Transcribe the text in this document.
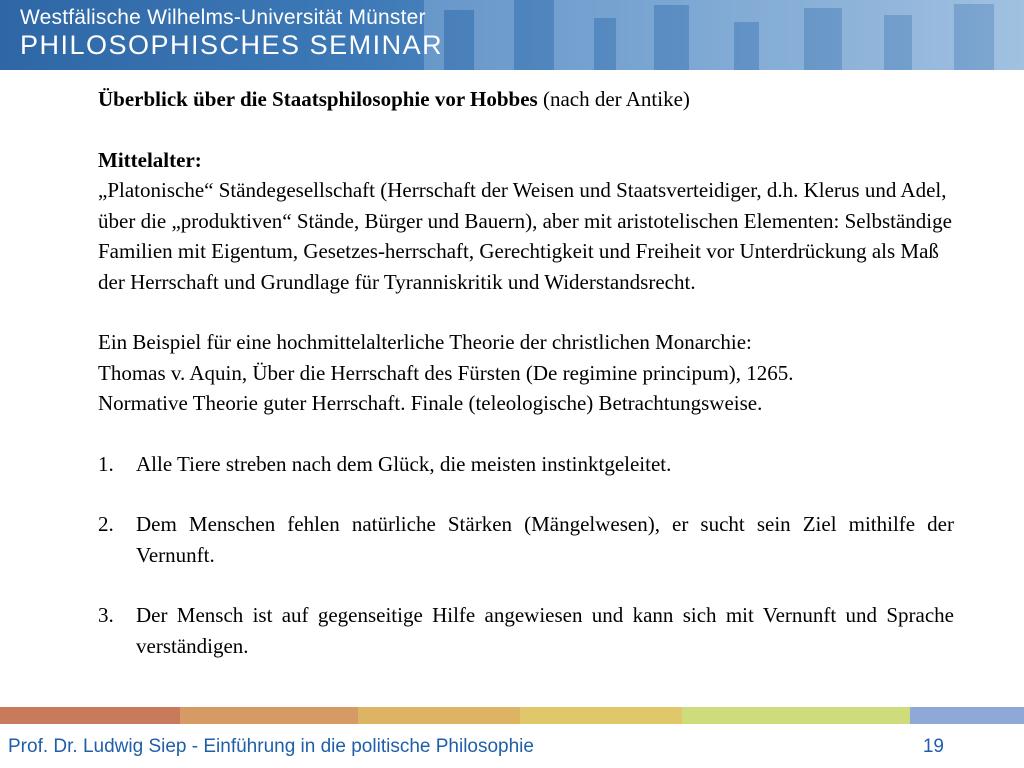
Westfälische Wilhelms-Universität Münster
PHILOSOPHISCHES SEMINAR

Überblick über die Staatsphilosophie vor Hobbes (nach der Antike)

Mittelalter:

„Platonische“ Ständegesellschaft (Herrschaft der Weisen und Staatsverteidiger, d.h. Klerus und Adel, über die „produktiven“ Stände, Bürger und Bauern), aber mit aristotelischen Elementen: Selbständige Familien mit Eigentum, Gesetzes-herrschaft, Gerechtigkeit und Freiheit vor Unterdrückung als Maß der Herrschaft und Grundlage für Tyranniskritik und Widerstandsrecht.

Ein Beispiel für eine hochmittelalterliche Theorie der christlichen Monarchie:

Thomas v. Aquin, Über die Herrschaft des Fürsten (De regimine principum), 1265.

Normative Theorie guter Herrschaft. Finale (teleologische) Betrachtungsweise.

1.	Alle Tiere streben nach dem Glück, die meisten instinktgeleitet.
2.	Dem Menschen fehlen natürliche Stärken (Mängelwesen), er sucht sein Ziel mithilfe der Vernunft.
3.	Der Mensch ist auf gegenseitige Hilfe angewiesen und kann sich mit Vernunft und Sprache verständigen.
Prof. Dr. Ludwig Siep - Einführung in die politische Philosophie	19
